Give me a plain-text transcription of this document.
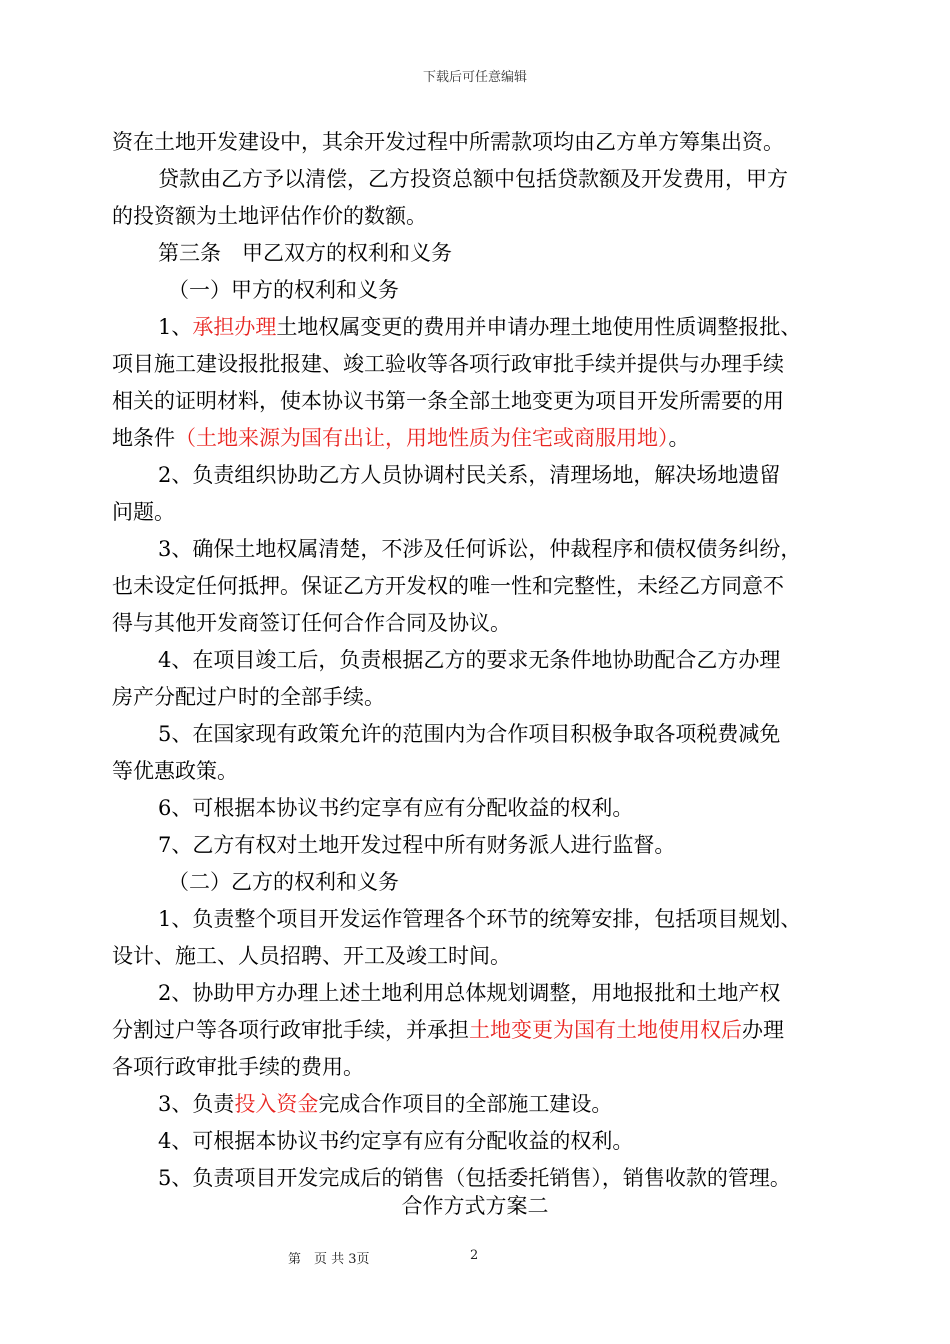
下载后可任意编辑
资在土地开发建设中，其余开发过程中所需款项均由乙方单方筹集出资。
贷款由乙方予以清偿，乙方投资总额中包括贷款额及开发费用，甲方
的投资额为土地评估作价的数额。
第三条　甲乙双方的权利和义务
（一）甲方的权利和义务
1、承担办理土地权属变更的费用并申请办理土地使用性质调整报批、
项目施工建设报批报建、竣工验收等各项行政审批手续并提供与办理手续
相关的证明材料，使本协议书第一条全部土地变更为项目开发所需要的用
地条件（土地来源为国有出让，用地性质为住宅或商服用地）。
2、负责组织协助乙方人员协调村民关系，清理场地，解决场地遗留
问题。
3、确保土地权属清楚，不涉及任何诉讼，仲裁程序和债权债务纠纷，
也未设定任何抵押。保证乙方开发权的唯一性和完整性，未经乙方同意不
得与其他开发商签订任何合作合同及协议。
4、在项目竣工后，负责根据乙方的要求无条件地协助配合乙方办理
房产分配过户时的全部手续。
5、在国家现有政策允许的范围内为合作项目积极争取各项税费减免
等优惠政策。
6、可根据本协议书约定享有应有分配收益的权利。
7、乙方有权对土地开发过程中所有财务派人进行监督。
（二）乙方的权利和义务
1、负责整个项目开发运作管理各个环节的统筹安排，包括项目规划、
设计、施工、人员招聘、开工及竣工时间。
2、协助甲方办理上述土地利用总体规划调整，用地报批和土地产权
分割过户等各项行政审批手续，并承担土地变更为国有土地使用权后办理
各项行政审批手续的费用。
3、负责投入资金完成合作项目的全部施工建设。
4、可根据本协议书约定享有应有分配收益的权利。
5、负责项目开发完成后的销售（包括委托销售），销售收款的管理。
合作方式方案二
第　页 共 3页	2
